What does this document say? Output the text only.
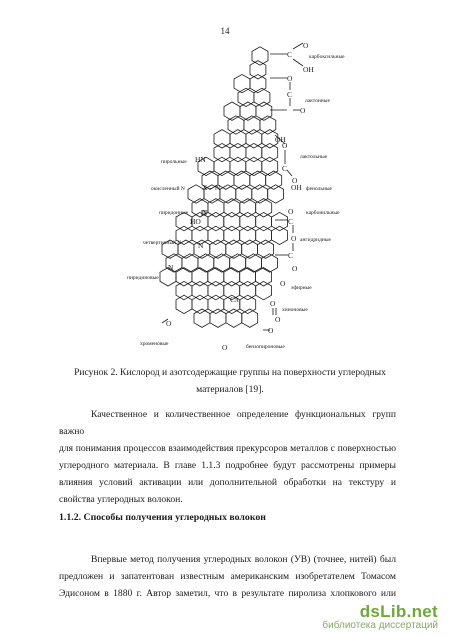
14
C
O
OH
O
C
O
OH
O
C
O
HN
X – N	OH
O
N
HO	C
O
C
O
N
N
O
Cπ	O
O
O
O
O
карбоксильные
лактонные
пирольные
лактольные
окисленный N	фенольные
пиридонные	карбонильные
ангидридные
четвертичный N
пиридиновые
эфирные
хиноновые
хроменовые	бензопироновые
Рисунок 2. Кислород и азотсодержащие группы на поверхности углеродных
материалов [19].
Качественное и количественное определение функциональных групп важно
для понимания процессов взаимодействия прекурсоров металлов с поверхностью
углеродного материала. В главе 1.1.3 подробнее будут рассмотрены примеры
влияния условий активации или дополнительной обработки на текстуру и
свойства углеродных волокон.
1.1.2. Способы получения углеродных волокон
Впервые метод получения углеродных волокон (УВ) (точнее, нитей) был
предложен и запатентован известным американским изобретателем Томасом
Эдисоном в 1880 г. Автор заметил, что в результате пиролиза хлопкового или
dsLib.net
библиотека диссертаций
